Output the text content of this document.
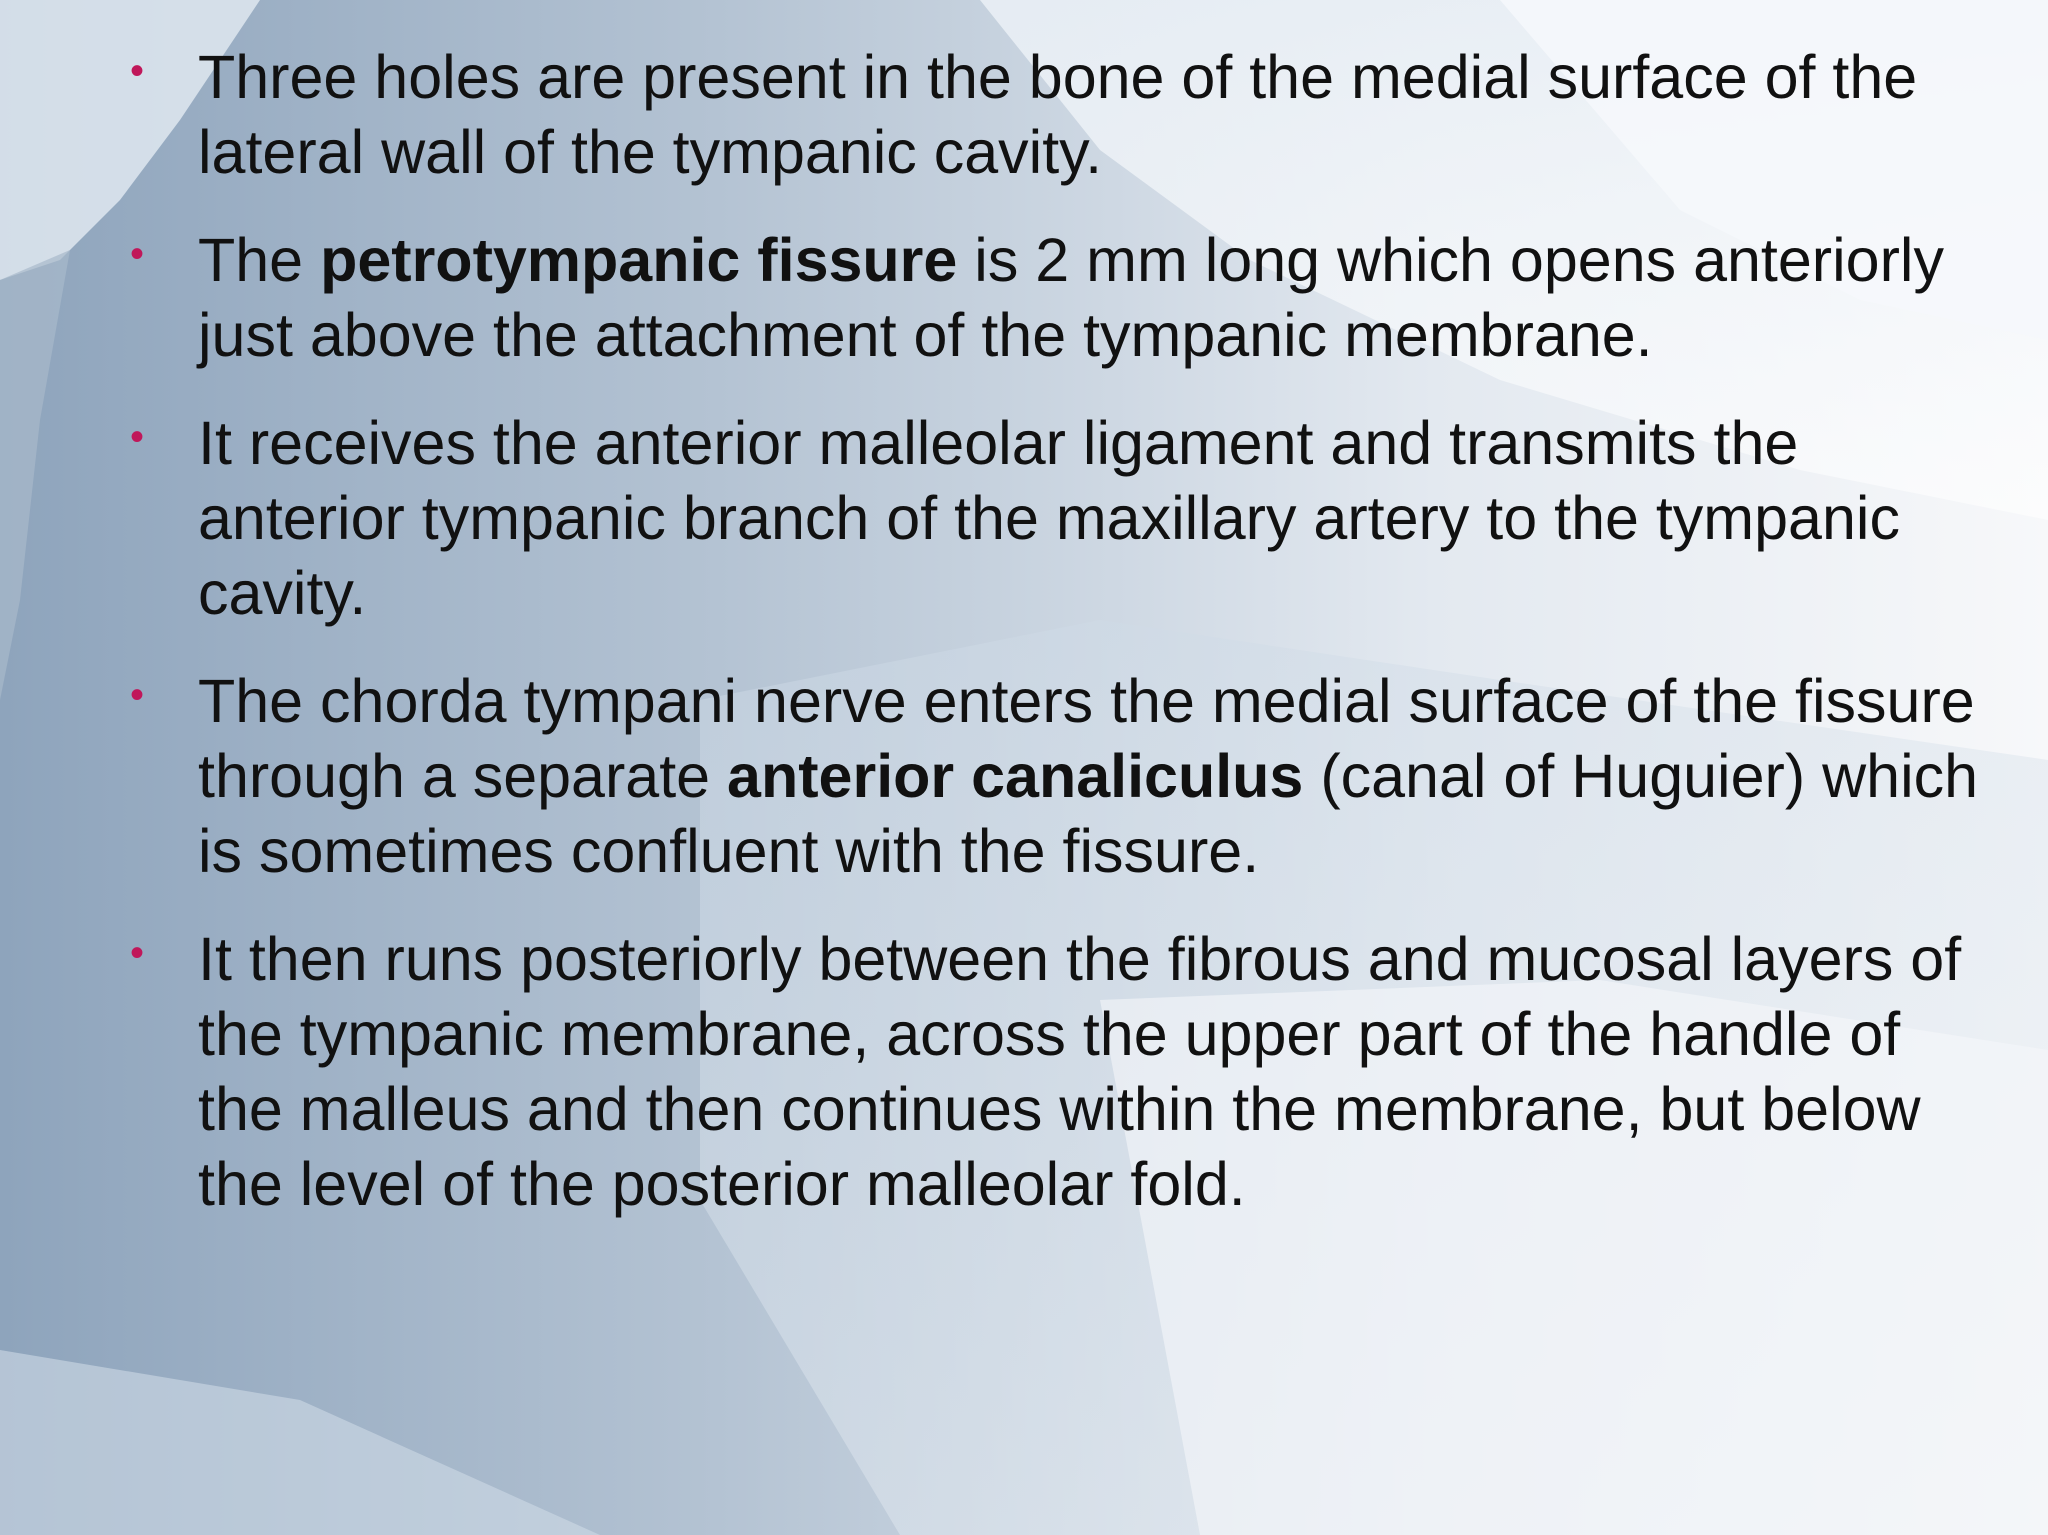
• Three holes are present in the bone of the medial surface of the lateral wall of the tympanic cavity.
• The petrotympanic fissure is 2 mm long which opens anteriorly just above the attachment of the tympanic membrane.
• It receives the anterior malleolar ligament and transmits the anterior tympanic branch of the maxillary artery to the tympanic cavity.
• The chorda tympani nerve enters the medial surface of the fissure through a separate anterior canaliculus (canal of Huguier) which is sometimes confluent with the fissure.
• It then runs posteriorly between the fibrous and mucosal layers of the tympanic membrane, across the upper part of the handle of the malleus and then continues within the membrane, but below the level of the posterior malleolar fold.
